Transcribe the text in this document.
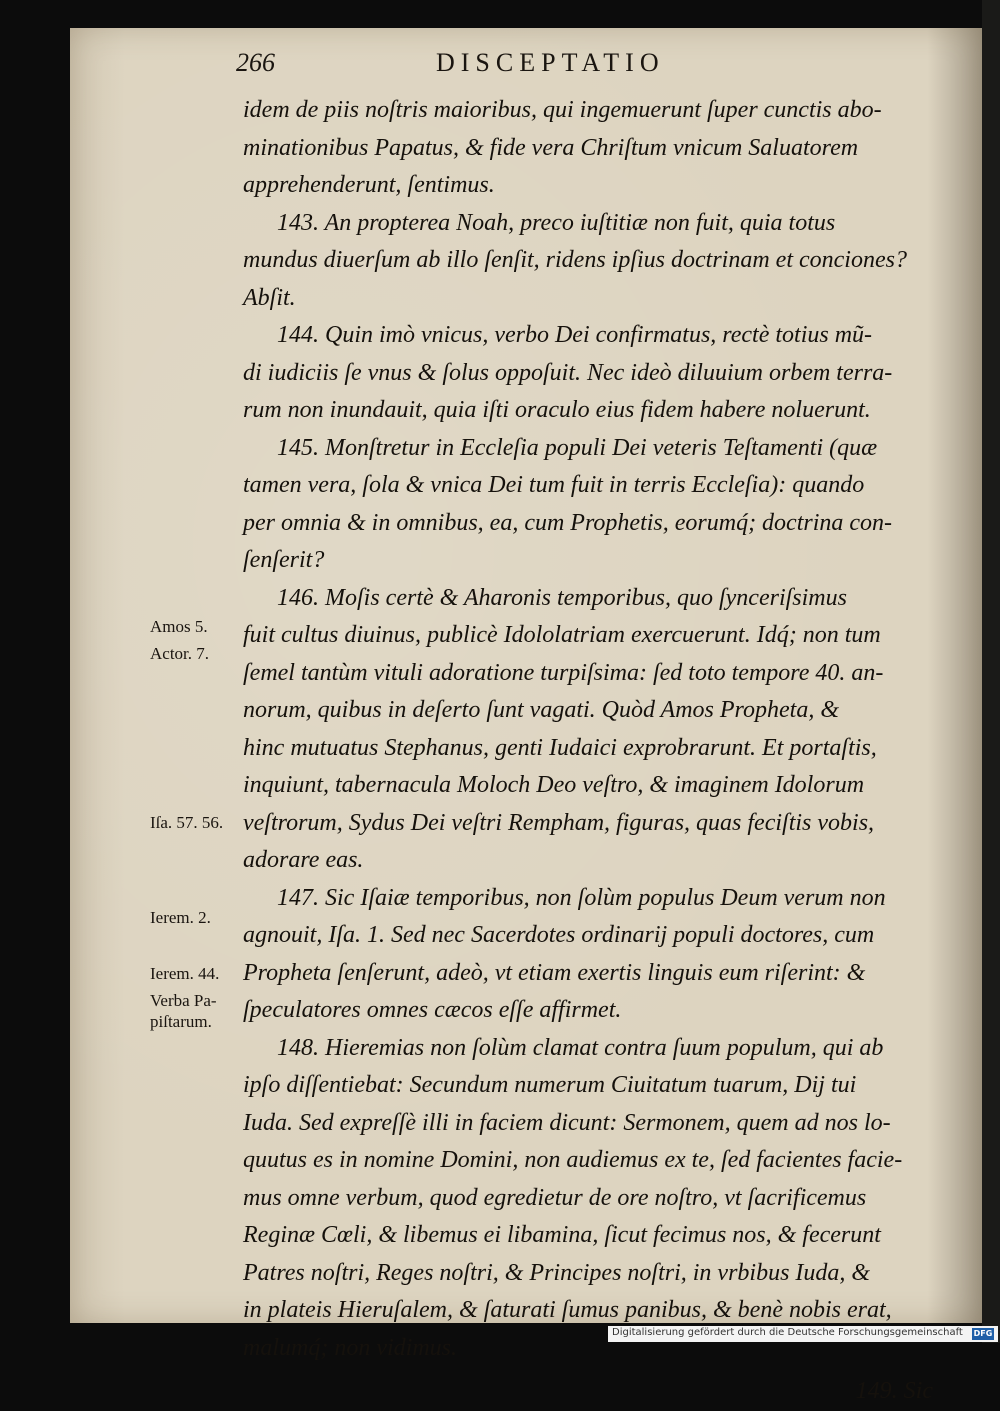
266	DISCEPTATIO
idem de piis noſtris maioribus, qui ingemuerunt ſuper cunctis abo-
minationibus Papatus, & fide vera Chriſtum vnicum Saluatorem
apprehenderunt, ſentimus.
143. An propterea Noah, preco iuſtitiæ non fuit, quia totus
mundus diuerſum ab illo ſenſit, ridens ipſius doctrinam et conciones?
Abſit.
144. Quin imò vnicus, verbo Dei confirmatus, rectè totius mũ-
di iudiciis ſe vnus & ſolus oppoſuit. Nec ideò diluuium orbem terra-
rum non inundauit, quia iſti oraculo eius fidem habere noluerunt.
145. Monſtretur in Eccleſia populi Dei veteris Teſtamenti (quæ
tamen vera, ſola & vnica Dei tum fuit in terris Eccleſia): quando
per omnia & in omnibus, ea, cum Prophetis, eorumq́; doctrina con-
ſenſerit?
146. Moſis certè & Aharonis temporibus, quo ſynceriſsimus
fuit cultus diuinus, publicè Idololatriam exercuerunt. Idq́; non tum
ſemel tantùm vituli adoratione turpiſsima: ſed toto tempore 40. an-
norum, quibus in deſerto ſunt vagati. Quòd Amos Propheta, &
hinc mutuatus Stephanus, genti Iudaici exprobrarunt. Et portaſtis,
inquiunt, tabernacula Moloch Deo veſtro, & imaginem Idolorum
veſtrorum, Sydus Dei veſtri Rempham, figuras, quas feciſtis vobis,
adorare eas.
147. Sic Iſaiæ temporibus, non ſolùm populus Deum verum non
agnouit, Iſa. 1. Sed nec Sacerdotes ordinarij populi doctores, cum
Propheta ſenſerunt, adeò, vt etiam exertis linguis eum riſerint: &
ſpeculatores omnes cæcos eſſe affirmet.
148. Hieremias non ſolùm clamat contra ſuum populum, qui ab
ipſo diſſentiebat: Secundum numerum Ciuitatum tuarum, Dij tui
Iuda. Sed expreſſè illi in faciem dicunt: Sermonem, quem ad nos lo-
quutus es in nomine Domini, non audiemus ex te, ſed facientes facie-
mus omne verbum, quod egredietur de ore noſtro, vt ſacrificemus
Reginæ Cœli, & libemus ei libamina, ſicut fecimus nos, & fecerunt
Patres noſtri, Reges noſtri, & Principes noſtri, in vrbibus Iuda, &
in plateis Hieruſalem, & ſaturati ſumus panibus, & benè nobis erat,
malumq́; non vidimus.
149. Sic
Amos 5.
Actor. 7.
Iſa. 57. 56.
Ierem. 2.
Ierem. 44.
Verba Pa-
piſtarum.
Digitalisierung gefördert durch die Deutsche Forschungsgemeinschaft DFG
